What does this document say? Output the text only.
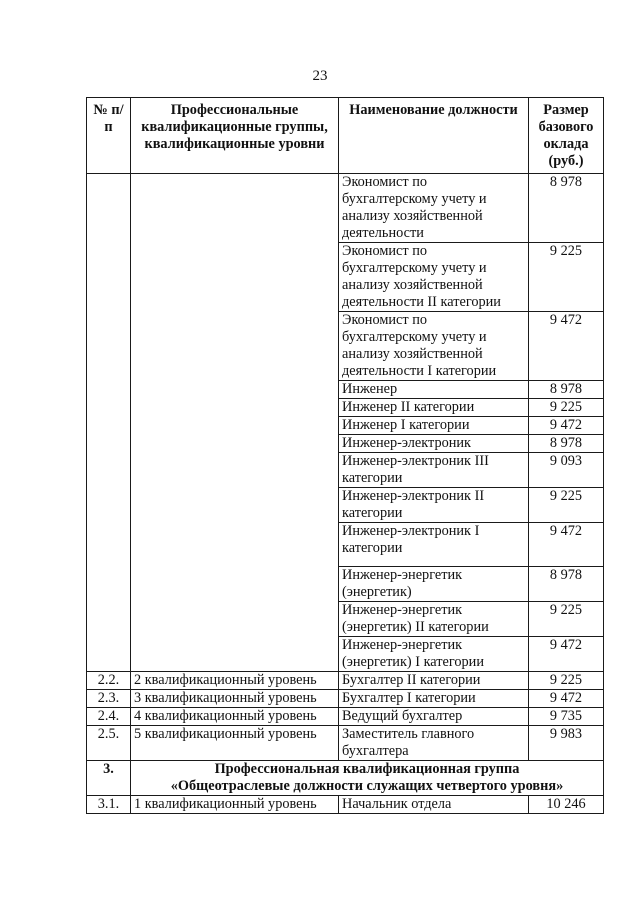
23
№ п/п	Профессиональные квалификационные группы, квалификационные уровни	Наименование должности	Размер базового оклада (руб.)
		Экономист по бухгалтерскому учету и анализу хозяйственной деятельности	8 978
		Экономист по бухгалтерскому учету и анализу хозяйственной деятельности II категории	9 225
		Экономист по бухгалтерскому учету и анализу хозяйственной деятельности I категории	9 472
		Инженер	8 978
		Инженер II категории	9 225
		Инженер I категории	9 472
		Инженер-электроник	8 978
		Инженер-электроник III категории	9 093
		Инженер-электроник II категории	9 225
		Инженер-электроник I категории	9 472
		Инженер-энергетик (энергетик)	8 978
		Инженер-энергетик (энергетик) II категории	9 225
		Инженер-энергетик (энергетик) I категории	9 472
2.2.	2 квалификационный уровень	Бухгалтер II категории	9 225
2.3.	3 квалификационный уровень	Бухгалтер I категории	9 472
2.4.	4 квалификационный уровень	Ведущий бухгалтер	9 735
2.5.	5 квалификационный уровень	Заместитель главного бухгалтера	9 983
3.	Профессиональная квалификационная группа
«Общеотраслевые должности служащих четвертого уровня»		

3.1.	1 квалификационный уровень	Начальник отдела	10 246
